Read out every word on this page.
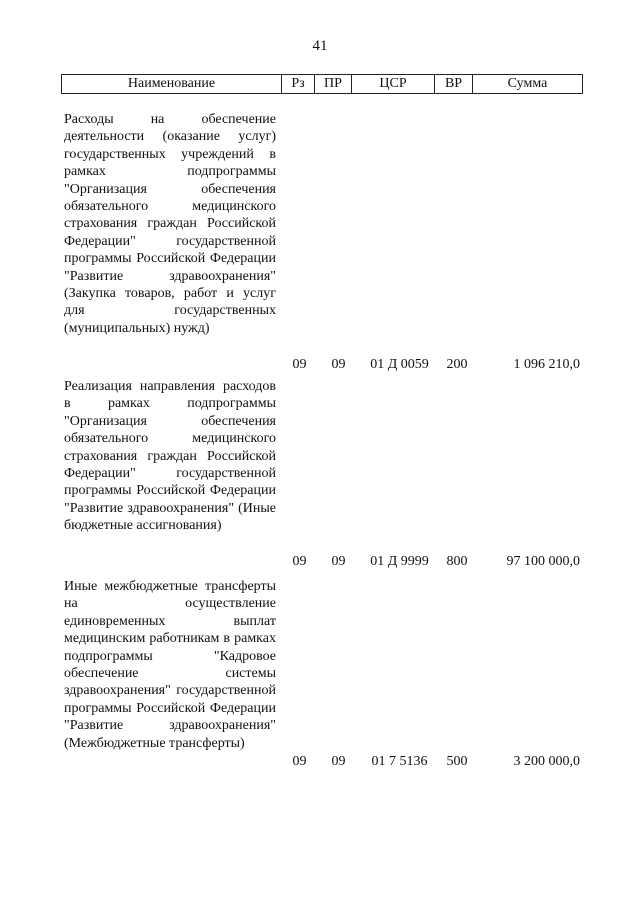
41
Наименование	Рз	ПР	ЦСР	ВР	Сумма
Расходы на обеспечение деятельности (оказание услуг) государственных учреждений в рамках подпрограммы "Организация обеспечения обязательного медицинского страхования граждан Российской Федерации" государственной программы Российской Федерации "Развитие здравоохранения" (Закупка товаров, работ и услуг для государственных (муниципальных) нужд)
09	09	01 Д 0059	200	1 096 210,0
Реализация направления расходов в рамках подпрограммы "Организация обеспечения обязательного медицинского страхования граждан Российской Федерации" государственной программы Российской Федерации "Развитие здравоохранения" (Иные бюджетные ассигнования)
09	09	01 Д 9999	800	97 100 000,0
Иные межбюджетные трансферты на осуществление единовременных выплат медицинским работникам в рамках подпрограммы "Кадровое обеспечение системы здравоохранения" государственной программы Российской Федерации "Развитие здравоохранения" (Межбюджетные трансферты)
09	09	01 7 5136	500	3 200 000,0
